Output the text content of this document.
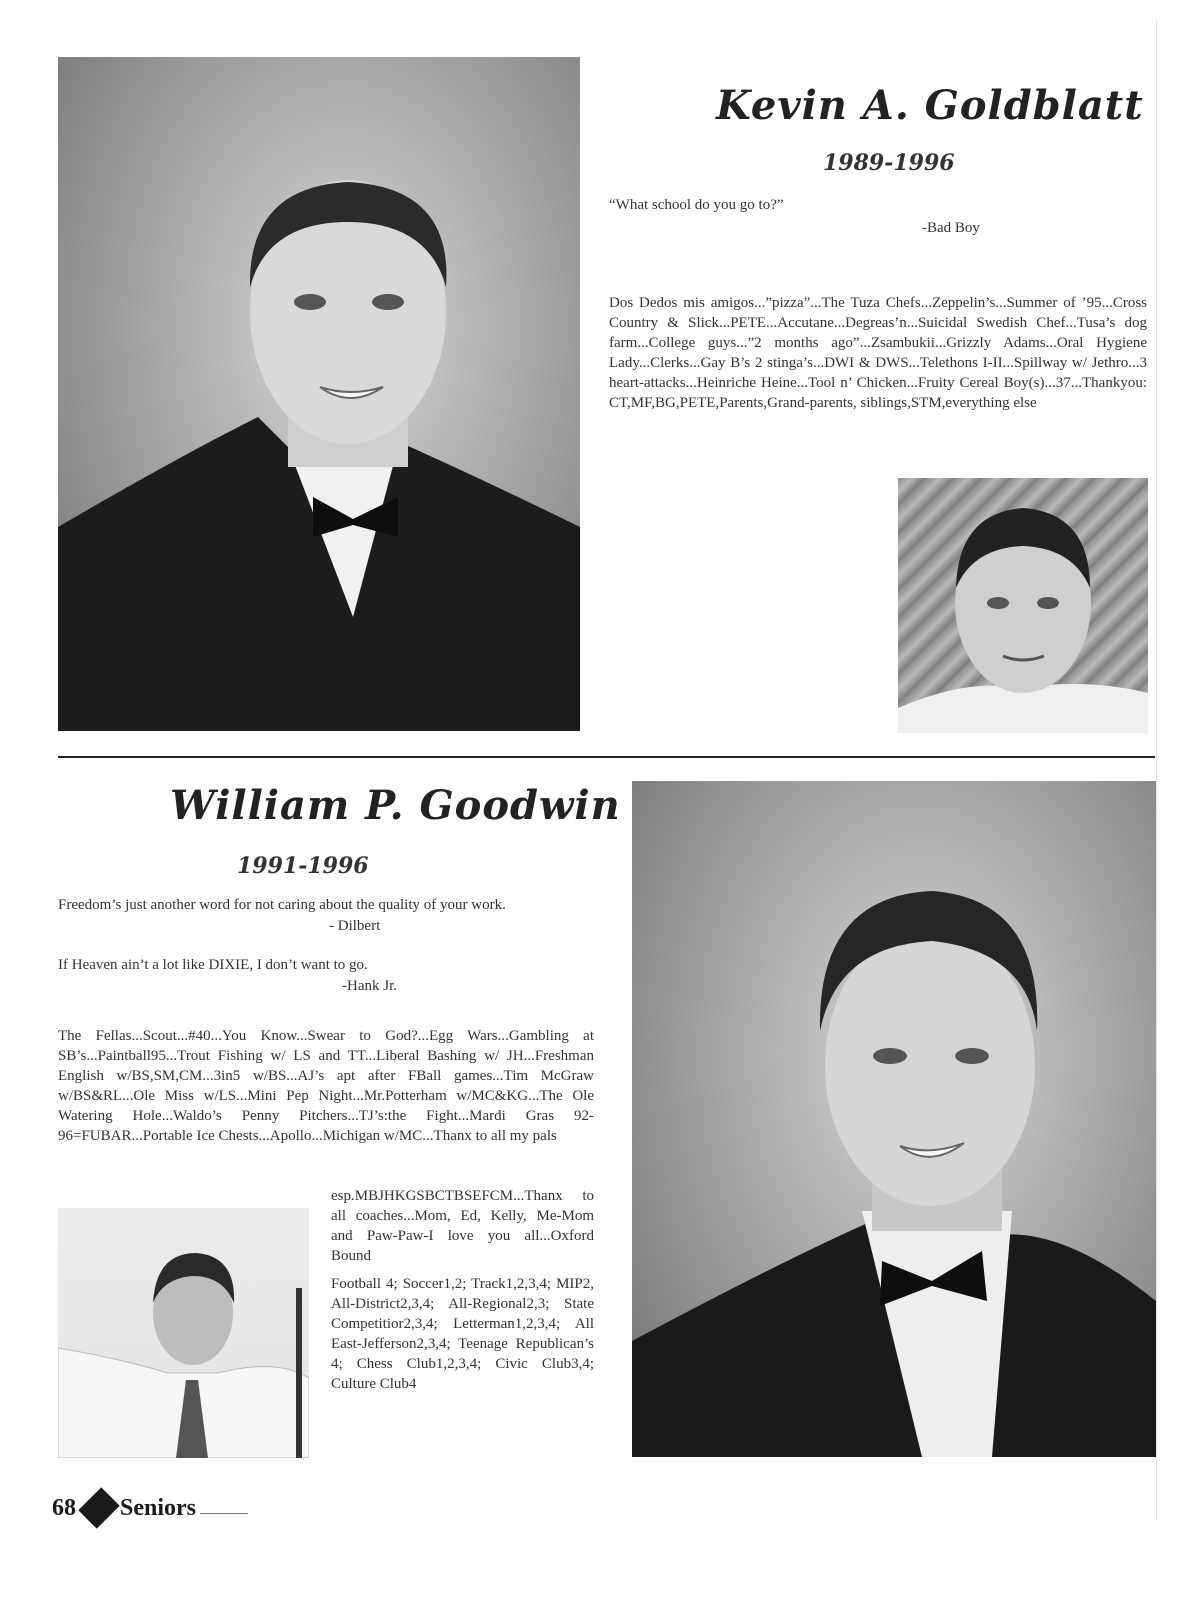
Kevin A. Goldblatt
1989-1996
“What school do you go to?”
-Bad Boy
Dos Dedos mis amigos...”pizza”...The Tuza Chefs...Zeppelin’s...Summer of ’95...Cross Country & Slick...PETE...Accutane...Degreas’n...Suicidal Swedish Chef...Tusa’s dog farm...College guys...”2 months ago”...Zsambukii...Grizzly Adams...Oral Hygiene Lady...Clerks...Gay B’s 2 stinga’s...DWI & DWS...Telethons I-II...Spillway w/ Jethro...3 heart-attacks...Heinriche Heine...Tool n’ Chicken...Fruity Cereal Boy(s)...37...Thankyou: CT,MF,BG,PETE,Parents,Grand-parents, siblings,STM,everything else
William P. Goodwin
1991-1996
Freedom’s just another word for not caring about the quality of your work.
- Dilbert
If Heaven ain’t a lot like DIXIE, I don’t want to go.
-Hank Jr.
The Fellas...Scout...#40...You Know...Swear to God?...Egg Wars...Gambling at SB’s...Paintball95...Trout Fishing w/ LS and TT...Liberal Bashing w/ JH...Freshman English w/BS,SM,CM...3in5 w/BS...AJ’s apt after FBall games...Tim McGraw w/BS&RL...Ole Miss w/LS...Mini Pep Night...Mr.Potterham w/MC&KG...The Ole Watering Hole...Waldo’s Penny Pitchers...TJ’s:the Fight...Mardi Gras 92-96=FUBAR...Portable Ice Chests...Apollo...Michigan w/MC...Thanx to all my pals
esp.MBJHKGSBCTBSEFCM...Thanx to all coaches...Mom, Ed, Kelly, Me-Mom and Paw-Paw-I love you all...Oxford Bound
Football 4; Soccer1,2; Track1,2,3,4; MIP2, All-District2,3,4; All-Regional2,3; State Competitior2,3,4; Letterman1,2,3,4; All East-Jefferson2,3,4; Teenage Republican’s 4; Chess Club1,2,3,4; Civic Club3,4; Culture Club4
68 Seniors
